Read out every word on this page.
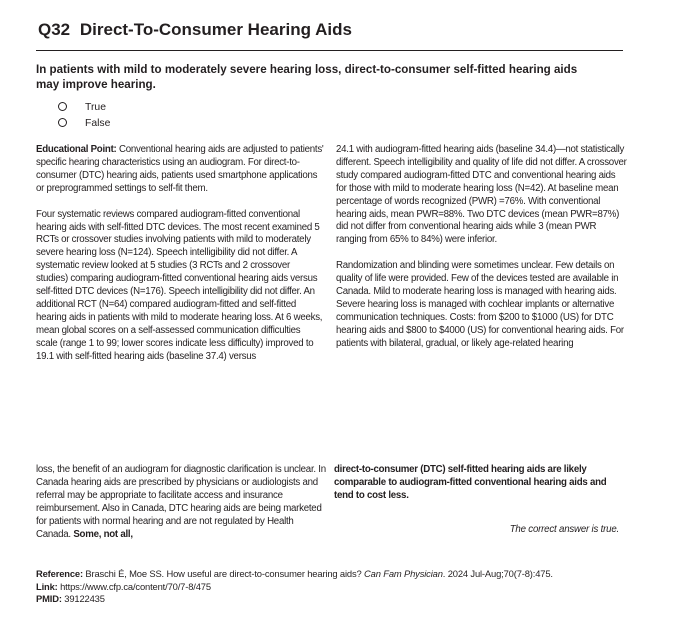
Q32 Direct-To-Consumer Hearing Aids
In patients with mild to moderately severe hearing loss, direct-to-consumer self-fitted hearing aids may improve hearing.
True
False

Educational Point: Conventional hearing aids are adjusted to patients' specific hearing characteristics using an audiogram. For direct-to-consumer (DTC) hearing aids, patients used smartphone applications or preprogrammed settings to self-fit them.

Four systematic reviews compared audiogram-fitted conventional hearing aids with self-fitted DTC devices. The most recent examined 5 RCTs or crossover studies involving patients with mild to moderately severe hearing loss (N=124). Speech intelligibility did not differ. A systematic review looked at 5 studies (3 RCTs and 2 crossover studies) comparing audiogram-fitted conventional hearing aids versus self-fitted DTC devices (N=176). Speech intelligibility did not differ. An additional RCT (N=64) compared audiogram-fitted and self-fitted hearing aids in patients with mild to moderate hearing loss. At 6 weeks, mean global scores on a self-assessed communication difficulties scale (range 1 to 99; lower scores indicate less difficulty) improved to 19.1 with self-fitted hearing aids (baseline 37.4) versus

24.1 with audiogram-fitted hearing aids (baseline 34.4)—not statistically different. Speech intelligibility and quality of life did not differ. A crossover study compared audiogram-fitted DTC and conventional hearing aids for those with mild to moderate hearing loss (N=42). At baseline mean percentage of words recognized (PWR) =76%. With conventional hearing aids, mean PWR=88%. Two DTC devices (mean PWR=87%) did not differ from conventional hearing aids while 3 (mean PWR ranging from 65% to 84%) were inferior.

Randomization and blinding were sometimes unclear. Few details on quality of life were provided. Few of the devices tested are available in Canada. Mild to moderate hearing loss is managed with hearing aids. Severe hearing loss is managed with cochlear implants or alternative communication techniques. Costs: from $200 to $1000 (US) for DTC hearing aids and $800 to $4000 (US) for conventional hearing aids. For patients with bilateral, gradual, or likely age-related hearing

loss, the benefit of an audiogram for diagnostic clarification is unclear. In Canada hearing aids are prescribed by physicians or audiologists and referral may be appropriate to facilitate access and insurance reimbursement. Also in Canada, DTC hearing aids are being marketed for patients with normal hearing and are not regulated by Health Canada. Some, not all,

direct-to-consumer (DTC) self-fitted hearing aids are likely comparable to audiogram-fitted conventional hearing aids and tend to cost less.

The correct answer is true.
Reference: Braschi É, Moe SS. How useful are direct-to-consumer hearing aids? Can Fam Physician. 2024 Jul-Aug;70(7-8):475.
Link: https://www.cfp.ca/content/70/7-8/475
PMID: 39122435
